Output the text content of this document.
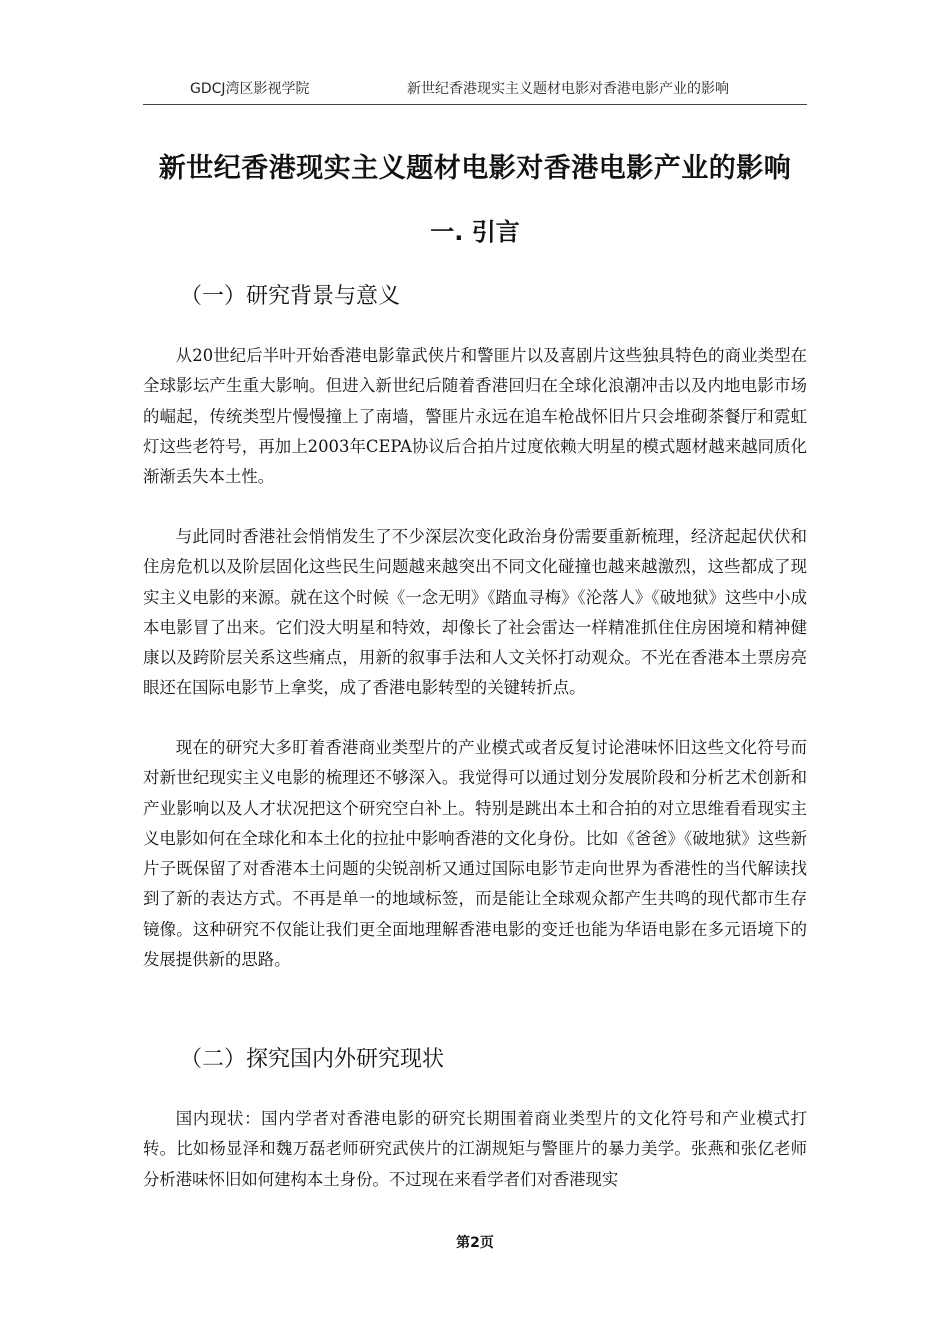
GDCJ湾区影视学院	新世纪香港现实主义题材电影对香港电影产业的影响
新世纪香港现实主义题材电影对香港电影产业的影响
一. 引言
（一）研究背景与意义

从20世纪后半叶开始香港电影靠武侠片和警匪片以及喜剧片这些独具特色的商业类型在全球影坛产生重大影响。但进入新世纪后随着香港回归在全球化浪潮冲击以及内地电影市场的崛起，传统类型片慢慢撞上了南墙，警匪片永远在追车枪战怀旧片只会堆砌茶餐厅和霓虹灯这些老符号，再加上2003年CEPA协议后合拍片过度依赖大明星的模式题材越来越同质化渐渐丢失本土性。

与此同时香港社会悄悄发生了不少深层次变化政治身份需要重新梳理，经济起起伏伏和住房危机以及阶层固化这些民生问题越来越突出不同文化碰撞也越来越激烈，这些都成了现实主义电影的来源。就在这个时候《一念无明》《踏血寻梅》《沦落人》《破地狱》这些中小成本电影冒了出来。它们没大明星和特效，却像长了社会雷达一样精准抓住住房困境和精神健康以及跨阶层关系这些痛点，用新的叙事手法和人文关怀打动观众。不光在香港本土票房亮眼还在国际电影节上拿奖，成了香港电影转型的关键转折点。

现在的研究大多盯着香港商业类型片的产业模式或者反复讨论港味怀旧这些文化符号而对新世纪现实主义电影的梳理还不够深入。我觉得可以通过划分发展阶段和分析艺术创新和产业影响以及人才状况把这个研究空白补上。特别是跳出本土和合拍的对立思维看看现实主义电影如何在全球化和本土化的拉扯中影响香港的文化身份。比如《爸爸》《破地狱》这些新片子既保留了对香港本土问题的尖锐剖析又通过国际电影节走向世界为香港性的当代解读找到了新的表达方式。不再是单一的地域标签，而是能让全球观众都产生共鸣的现代都市生存镜像。这种研究不仅能让我们更全面地理解香港电影的变迁也能为华语电影在多元语境下的发展提供新的思路。

（二）探究国内外研究现状

国内现状：国内学者对香港电影的研究长期围着商业类型片的文化符号和产业模式打转。比如杨显泽和魏万磊老师研究武侠片的江湖规矩与警匪片的暴力美学。张燕和张亿老师分析港味怀旧如何建构本土身份。不过现在来看学者们对香港现实

第2页
